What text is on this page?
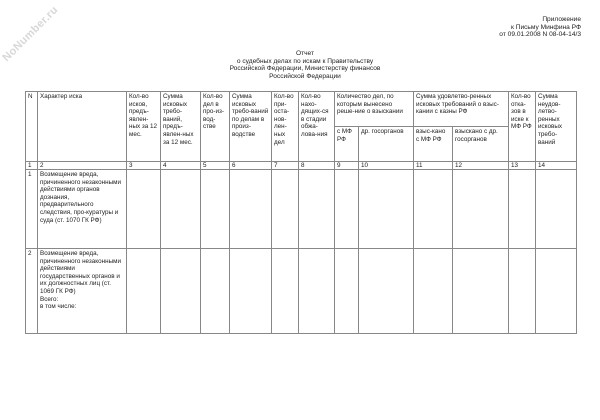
NoNumber.ru	Приложение
к Письму Минфина РФ
от 09.01.2008 N 08-04-14/3
Отчет
о судебных делах по искам к Правительству
Российской Федерации, Министерству финансов
Российской Федерации
N	Характер иска	Кол-во исков, предъ-явлен-ных за 12 мес.	Сумма исковых требо-ваний, предъ-явлен-ных за 12 мес.	Кол-во дел в про-из-вод-стве	Сумма исковых требо-ваний по делам в произ-водстве	Кол-во при-оста-нов-лен-ных дел	Кол-во нахо-дящих-ся в стадии обжа-лова-ния	Количество дел, по которым вынесено реше-ние о взыскании		Сумма удовлетво-ренных исковых требований о взыс-кании с казны РФ		Кол-во отка-зов в иске к МФ РФ	Сумма неудов-летво-ренных исковых требо-ваний
								с МФ РФ	др. госорганов	взыс-кано с МФ РФ	взыскано с др. госорганов		
1	2	3	4	5	6	7	8	9	10	11	12	13	14
1	Возмещение вреда, причиненного незаконными действиями органов дознания, предварительного следствия, про-куратуры и суда (ст. 1070 ГК РФ)												
2	Возмещение вреда, причиненного незаконными действиями государственных органов и их должностных лиц (ст. 1069 ГК РФ)
Всего:
в том числе:												
